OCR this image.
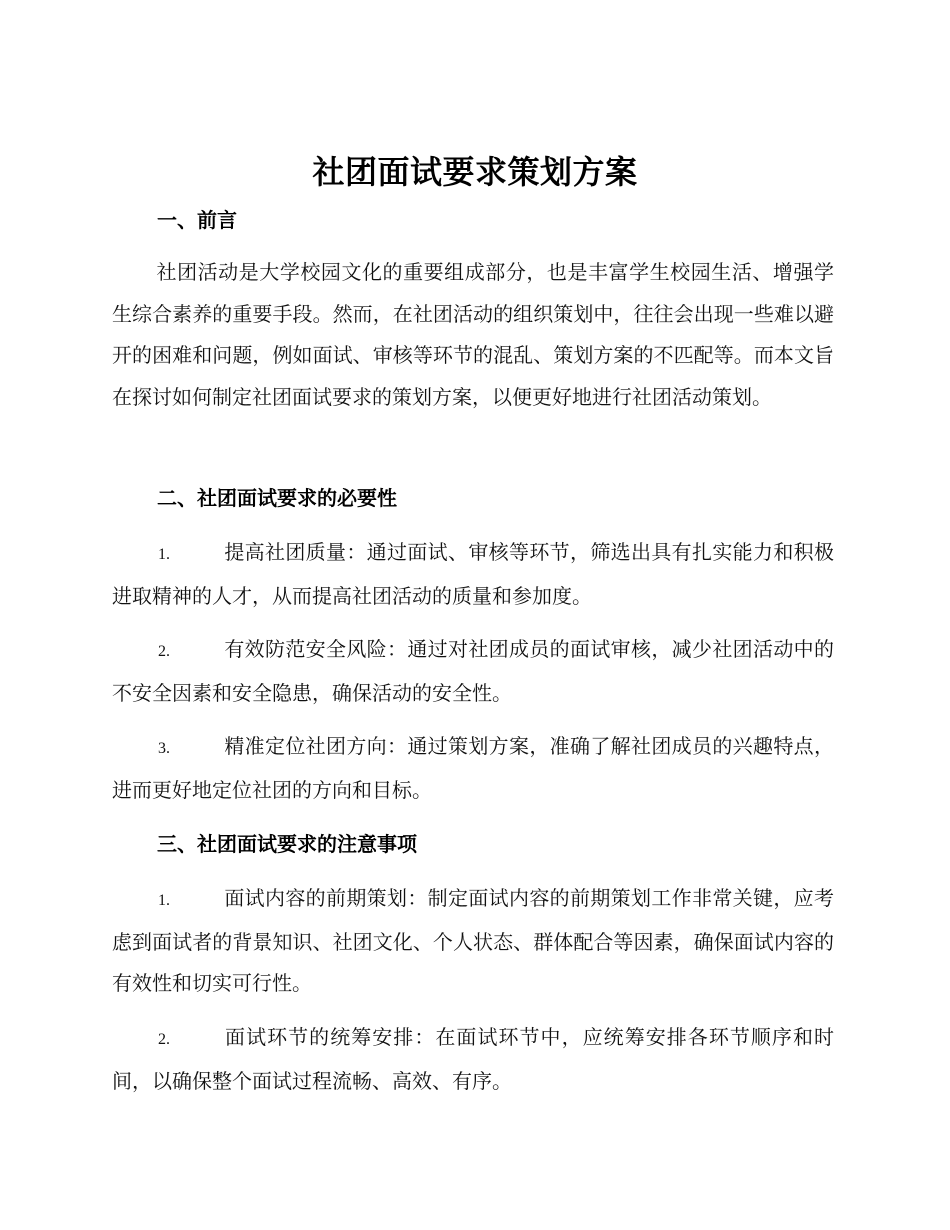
社团面试要求策划方案
一、前言
社团活动是大学校园文化的重要组成部分，也是丰富学生校园生活、增强学生综合素养的重要手段。然而，在社团活动的组织策划中，往往会出现一些难以避开的困难和问题，例如面试、审核等环节的混乱、策划方案的不匹配等。而本文旨在探讨如何制定社团面试要求的策划方案，以便更好地进行社团活动策划。
二、社团面试要求的必要性
1.	提高社团质量：通过面试、审核等环节，筛选出具有扎实能力和积极进取精神的人才，从而提高社团活动的质量和参加度。
2.	有效防范安全风险：通过对社团成员的面试审核，减少社团活动中的不安全因素和安全隐患，确保活动的安全性。
3.	精准定位社团方向：通过策划方案，准确了解社团成员的兴趣特点，进而更好地定位社团的方向和目标。
三、社团面试要求的注意事项
1.	面试内容的前期策划：制定面试内容的前期策划工作非常关键，应考虑到面试者的背景知识、社团文化、个人状态、群体配合等因素，确保面试内容的有效性和切实可行性。
2.	面试环节的统筹安排：在面试环节中，应统筹安排各环节顺序和时间，以确保整个面试过程流畅、高效、有序。
